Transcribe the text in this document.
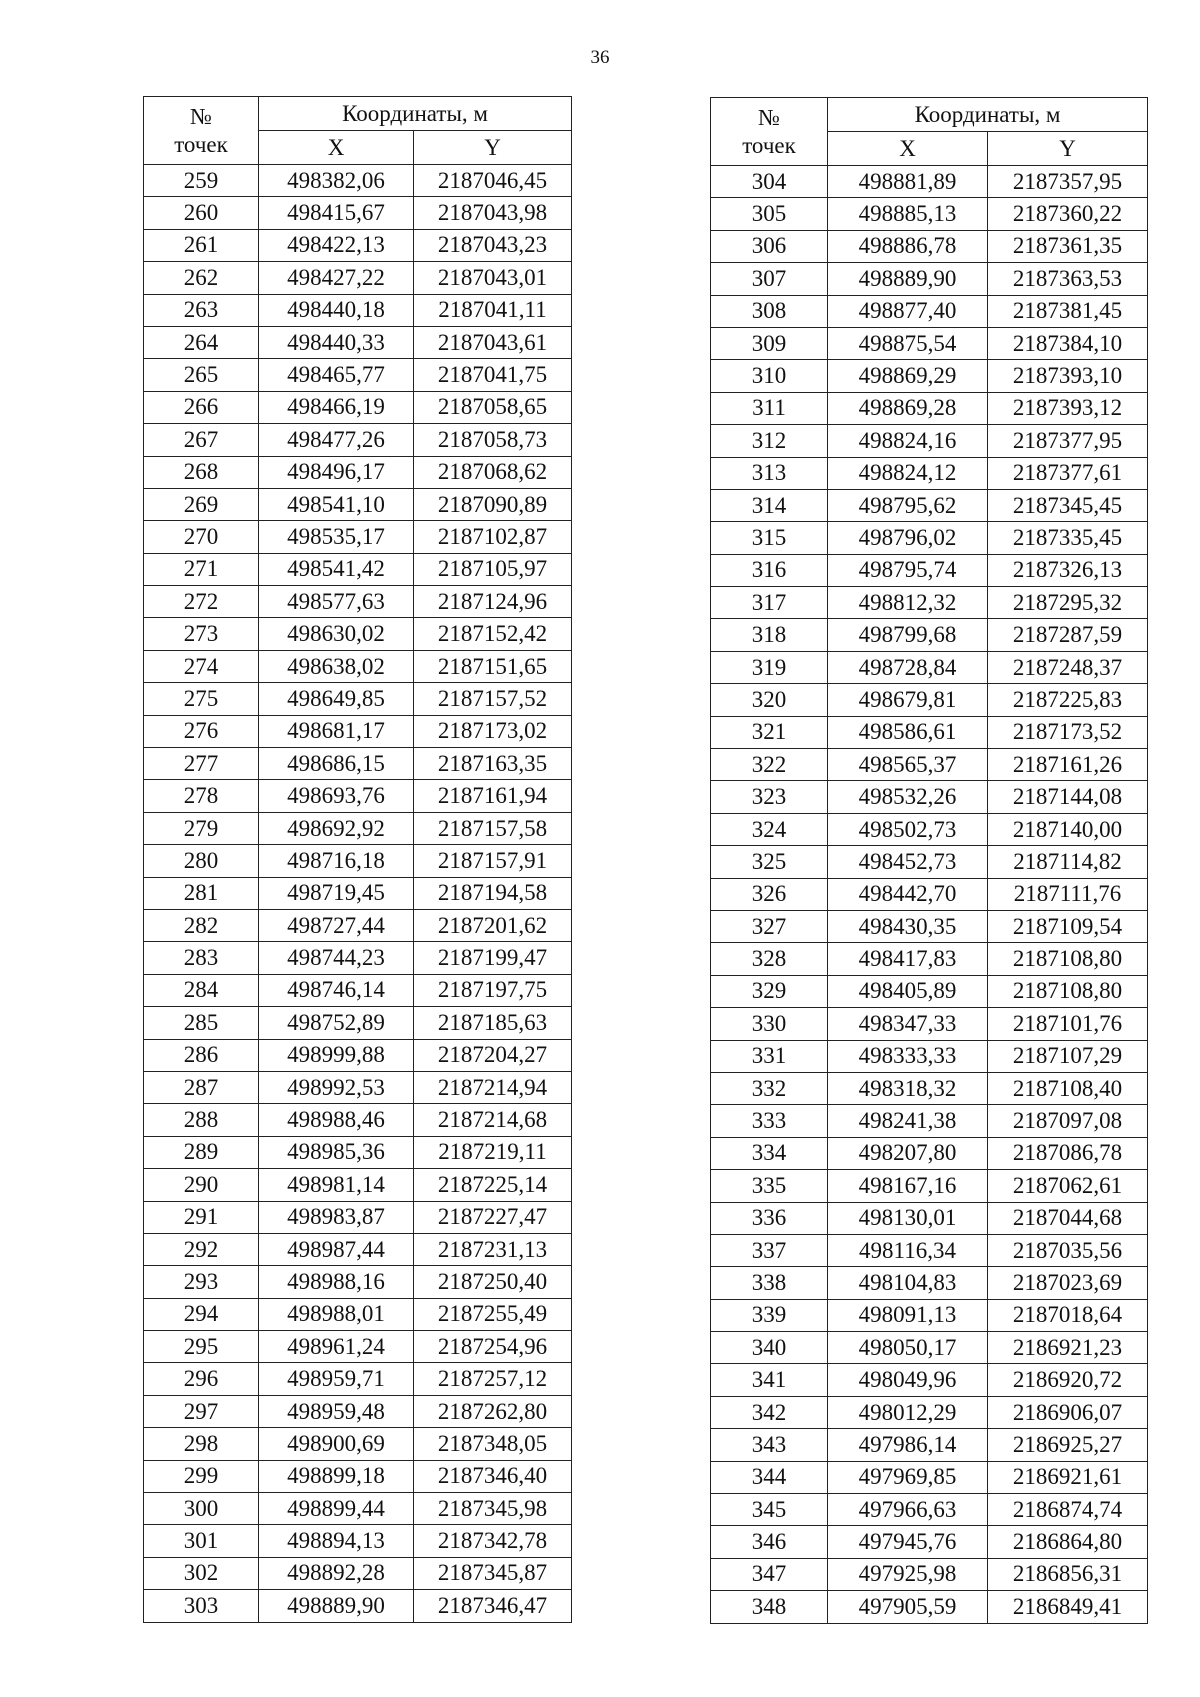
36
№
точек	Координаты, м	
	X	Y
259	498382,06	2187046,45
260	498415,67	2187043,98
261	498422,13	2187043,23
262	498427,22	2187043,01
263	498440,18	2187041,11
264	498440,33	2187043,61
265	498465,77	2187041,75
266	498466,19	2187058,65
267	498477,26	2187058,73
268	498496,17	2187068,62
269	498541,10	2187090,89
270	498535,17	2187102,87
271	498541,42	2187105,97
272	498577,63	2187124,96
273	498630,02	2187152,42
274	498638,02	2187151,65
275	498649,85	2187157,52
276	498681,17	2187173,02
277	498686,15	2187163,35
278	498693,76	2187161,94
279	498692,92	2187157,58
280	498716,18	2187157,91
281	498719,45	2187194,58
282	498727,44	2187201,62
283	498744,23	2187199,47
284	498746,14	2187197,75
285	498752,89	2187185,63
286	498999,88	2187204,27
287	498992,53	2187214,94
288	498988,46	2187214,68
289	498985,36	2187219,11
290	498981,14	2187225,14
291	498983,87	2187227,47
292	498987,44	2187231,13
293	498988,16	2187250,40
294	498988,01	2187255,49
295	498961,24	2187254,96
296	498959,71	2187257,12
297	498959,48	2187262,80
298	498900,69	2187348,05
299	498899,18	2187346,40
300	498899,44	2187345,98
301	498894,13	2187342,78
302	498892,28	2187345,87
303	498889,90	2187346,47
№
точек	Координаты, м	
	X	Y
304	498881,89	2187357,95
305	498885,13	2187360,22
306	498886,78	2187361,35
307	498889,90	2187363,53
308	498877,40	2187381,45
309	498875,54	2187384,10
310	498869,29	2187393,10
311	498869,28	2187393,12
312	498824,16	2187377,95
313	498824,12	2187377,61
314	498795,62	2187345,45
315	498796,02	2187335,45
316	498795,74	2187326,13
317	498812,32	2187295,32
318	498799,68	2187287,59
319	498728,84	2187248,37
320	498679,81	2187225,83
321	498586,61	2187173,52
322	498565,37	2187161,26
323	498532,26	2187144,08
324	498502,73	2187140,00
325	498452,73	2187114,82
326	498442,70	2187111,76
327	498430,35	2187109,54
328	498417,83	2187108,80
329	498405,89	2187108,80
330	498347,33	2187101,76
331	498333,33	2187107,29
332	498318,32	2187108,40
333	498241,38	2187097,08
334	498207,80	2187086,78
335	498167,16	2187062,61
336	498130,01	2187044,68
337	498116,34	2187035,56
338	498104,83	2187023,69
339	498091,13	2187018,64
340	498050,17	2186921,23
341	498049,96	2186920,72
342	498012,29	2186906,07
343	497986,14	2186925,27
344	497969,85	2186921,61
345	497966,63	2186874,74
346	497945,76	2186864,80
347	497925,98	2186856,31
348	497905,59	2186849,41
